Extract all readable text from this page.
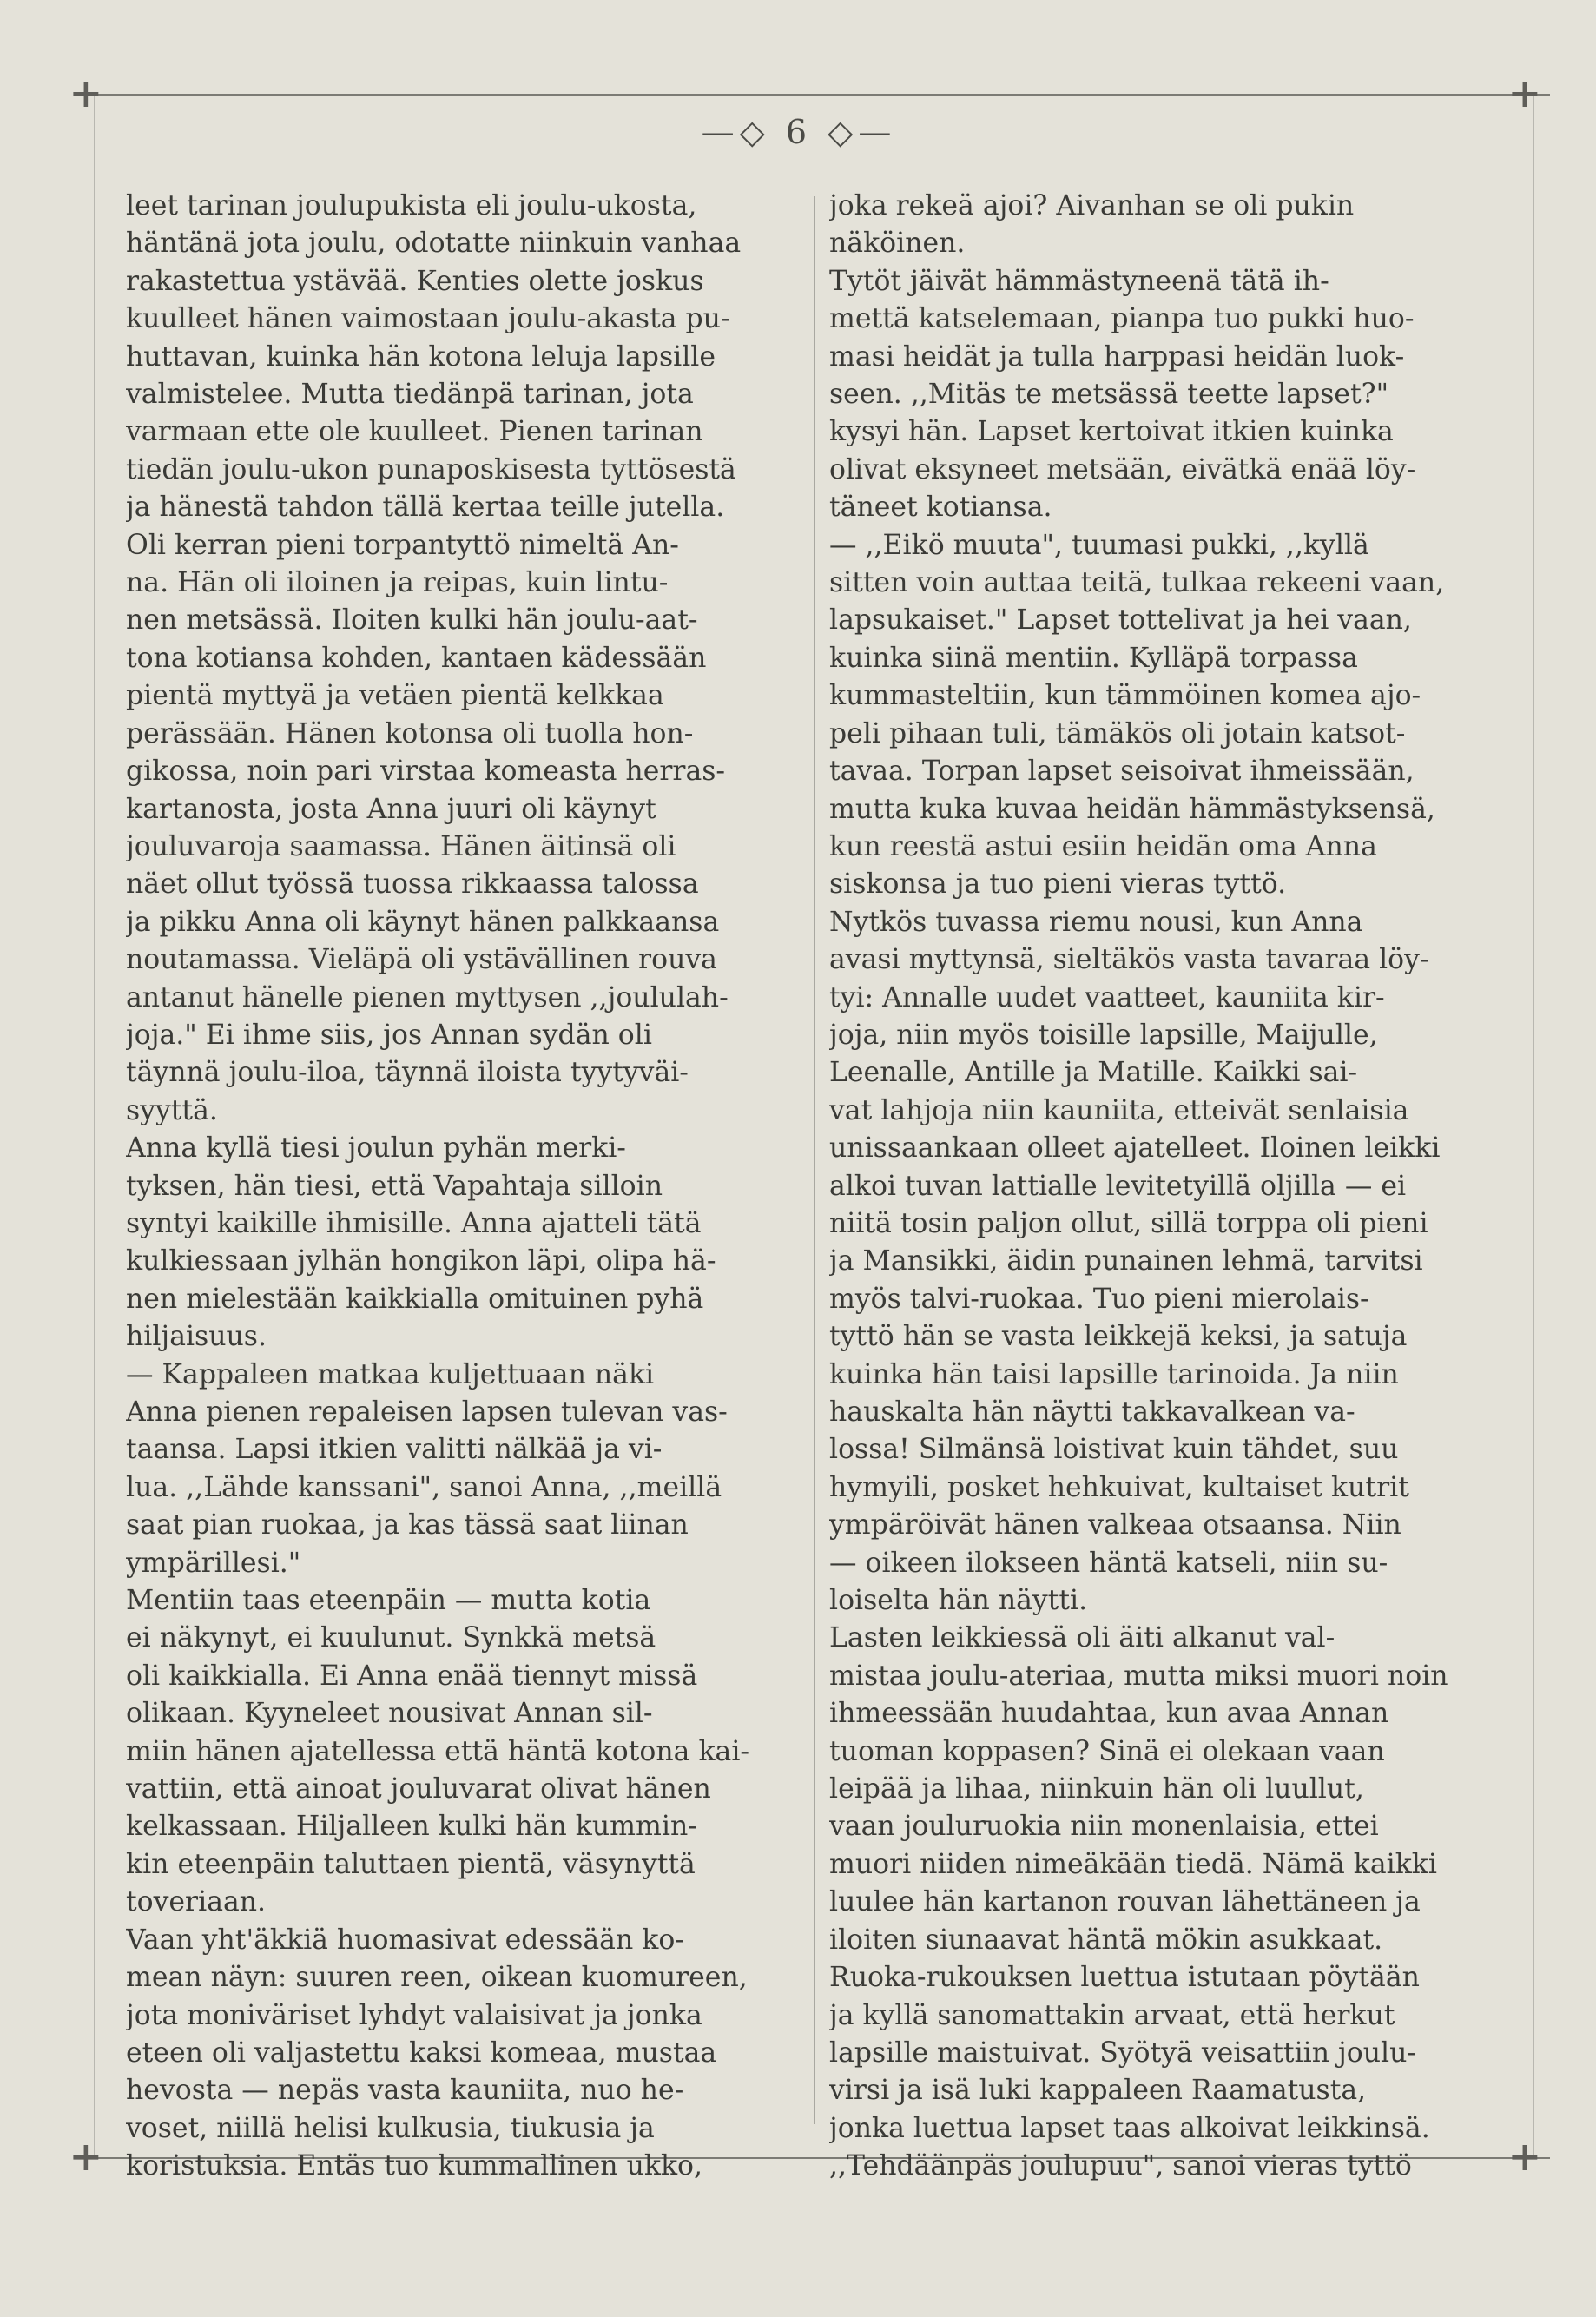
+	+
+	+
—◇ 6 ◇—
leet tarinan joulupukista eli joulu-ukosta,
häntänä jota joulu, odotatte niinkuin vanhaa
rakastettua ystävää. Kenties olette joskus
kuulleet hänen vaimostaan joulu-akasta pu-
huttavan, kuinka hän kotona leluja lapsille
valmistelee. Mutta tiedänpä tarinan, jota
varmaan ette ole kuulleet. Pienen tarinan
tiedän joulu-ukon punaposkisesta tyttösestä
ja hänestä tahdon tällä kertaa teille jutella.
Oli kerran pieni torpantyttö nimeltä An-
na. Hän oli iloinen ja reipas, kuin lintu-
nen metsässä. Iloiten kulki hän joulu-aat-
tona kotiansa kohden, kantaen kädessään
pientä myttyä ja vetäen pientä kelkkaa
perässään. Hänen kotonsa oli tuolla hon-
gikossa, noin pari virstaa komeasta herras-
kartanosta, josta Anna juuri oli käynyt
jouluvaroja saamassa. Hänen äitinsä oli
näet ollut työssä tuossa rikkaassa talossa
ja pikku Anna oli käynyt hänen palkkaansa
noutamassa. Vieläpä oli ystävällinen rouva
antanut hänelle pienen myttysen ,,joululah-
joja." Ei ihme siis, jos Annan sydän oli
täynnä joulu-iloa, täynnä iloista tyytyväi-
syyttä.
Anna kyllä tiesi joulun pyhän merki-
tyksen, hän tiesi, että Vapahtaja silloin
syntyi kaikille ihmisille. Anna ajatteli tätä
kulkiessaan jylhän hongikon läpi, olipa hä-
nen mielestään kaikkialla omituinen pyhä
hiljaisuus.
— Kappaleen matkaa kuljettuaan näki
Anna pienen repaleisen lapsen tulevan vas-
taansa. Lapsi itkien valitti nälkää ja vi-
lua. ,,Lähde kanssani", sanoi Anna, ,,meillä
saat pian ruokaa, ja kas tässä saat liinan
ympärillesi."
Mentiin taas eteenpäin — mutta kotia
ei näkynyt, ei kuulunut. Synkkä metsä
oli kaikkialla. Ei Anna enää tiennyt missä
olikaan. Kyyneleet nousivat Annan sil-
miin hänen ajatellessa että häntä kotona kai-
vattiin, että ainoat jouluvarat olivat hänen
kelkassaan. Hiljalleen kulki hän kummin-
kin eteenpäin taluttaen pientä, väsynyttä
toveriaan.
Vaan yht'äkkiä huomasivat edessään ko-
mean näyn: suuren reen, oikean kuomureen,
jota moniväriset lyhdyt valaisivat ja jonka
eteen oli valjastettu kaksi komeaa, mustaa
hevosta — nepäs vasta kauniita, nuo he-
voset, niillä helisi kulkusia, tiukusia ja
koristuksia. Entäs tuo kummallinen ukko,
joka rekeä ajoi? Aivanhan se oli pukin
näköinen.
Tytöt jäivät hämmästyneenä tätä ih-
mettä katselemaan, pianpa tuo pukki huo-
masi heidät ja tulla harppasi heidän luok-
seen. ,,Mitäs te metsässä teette lapset?"
kysyi hän. Lapset kertoivat itkien kuinka
olivat eksyneet metsään, eivätkä enää löy-
täneet kotiansa.
— ,,Eikö muuta", tuumasi pukki, ,,kyllä
sitten voin auttaa teitä, tulkaa rekeeni vaan,
lapsukaiset." Lapset tottelivat ja hei vaan,
kuinka siinä mentiin. Kylläpä torpassa
kummasteltiin, kun tämmöinen komea ajo-
peli pihaan tuli, tämäkös oli jotain katsot-
tavaa. Torpan lapset seisoivat ihmeissään,
mutta kuka kuvaa heidän hämmästyksensä,
kun reestä astui esiin heidän oma Anna
siskonsa ja tuo pieni vieras tyttö.
Nytkös tuvassa riemu nousi, kun Anna
avasi myttynsä, sieltäkös vasta tavaraa löy-
tyi: Annalle uudet vaatteet, kauniita kir-
joja, niin myös toisille lapsille, Maijulle,
Leenalle, Antille ja Matille. Kaikki sai-
vat lahjoja niin kauniita, etteivät senlaisia
unissaankaan olleet ajatelleet. Iloinen leikki
alkoi tuvan lattialle levitetyillä oljilla — ei
niitä tosin paljon ollut, sillä torppa oli pieni
ja Mansikki, äidin punainen lehmä, tarvitsi
myös talvi-ruokaa. Tuo pieni mierolais-
tyttö hän se vasta leikkejä keksi, ja satuja
kuinka hän taisi lapsille tarinoida. Ja niin
hauskalta hän näytti takkavalkean va-
lossa! Silmänsä loistivat kuin tähdet, suu
hymyili, posket hehkuivat, kultaiset kutrit
ympäröivät hänen valkeaa otsaansa. Niin
— oikeen ilokseen häntä katseli, niin su-
loiselta hän näytti.
Lasten leikkiessä oli äiti alkanut val-
mistaa joulu-ateriaa, mutta miksi muori noin
ihmeessään huudahtaa, kun avaa Annan
tuoman koppasen? Sinä ei olekaan vaan
leipää ja lihaa, niinkuin hän oli luullut,
vaan jouluruokia niin monenlaisia, ettei
muori niiden nimeäkään tiedä. Nämä kaikki
luulee hän kartanon rouvan lähettäneen ja
iloiten siunaavat häntä mökin asukkaat.
Ruoka-rukouksen luettua istutaan pöytään
ja kyllä sanomattakin arvaat, että herkut
lapsille maistuivat. Syötyä veisattiin joulu-
virsi ja isä luki kappaleen Raamatusta,
jonka luettua lapset taas alkoivat leikkinsä.
,,Tehdäänpäs joulupuu", sanoi vieras tyttö
